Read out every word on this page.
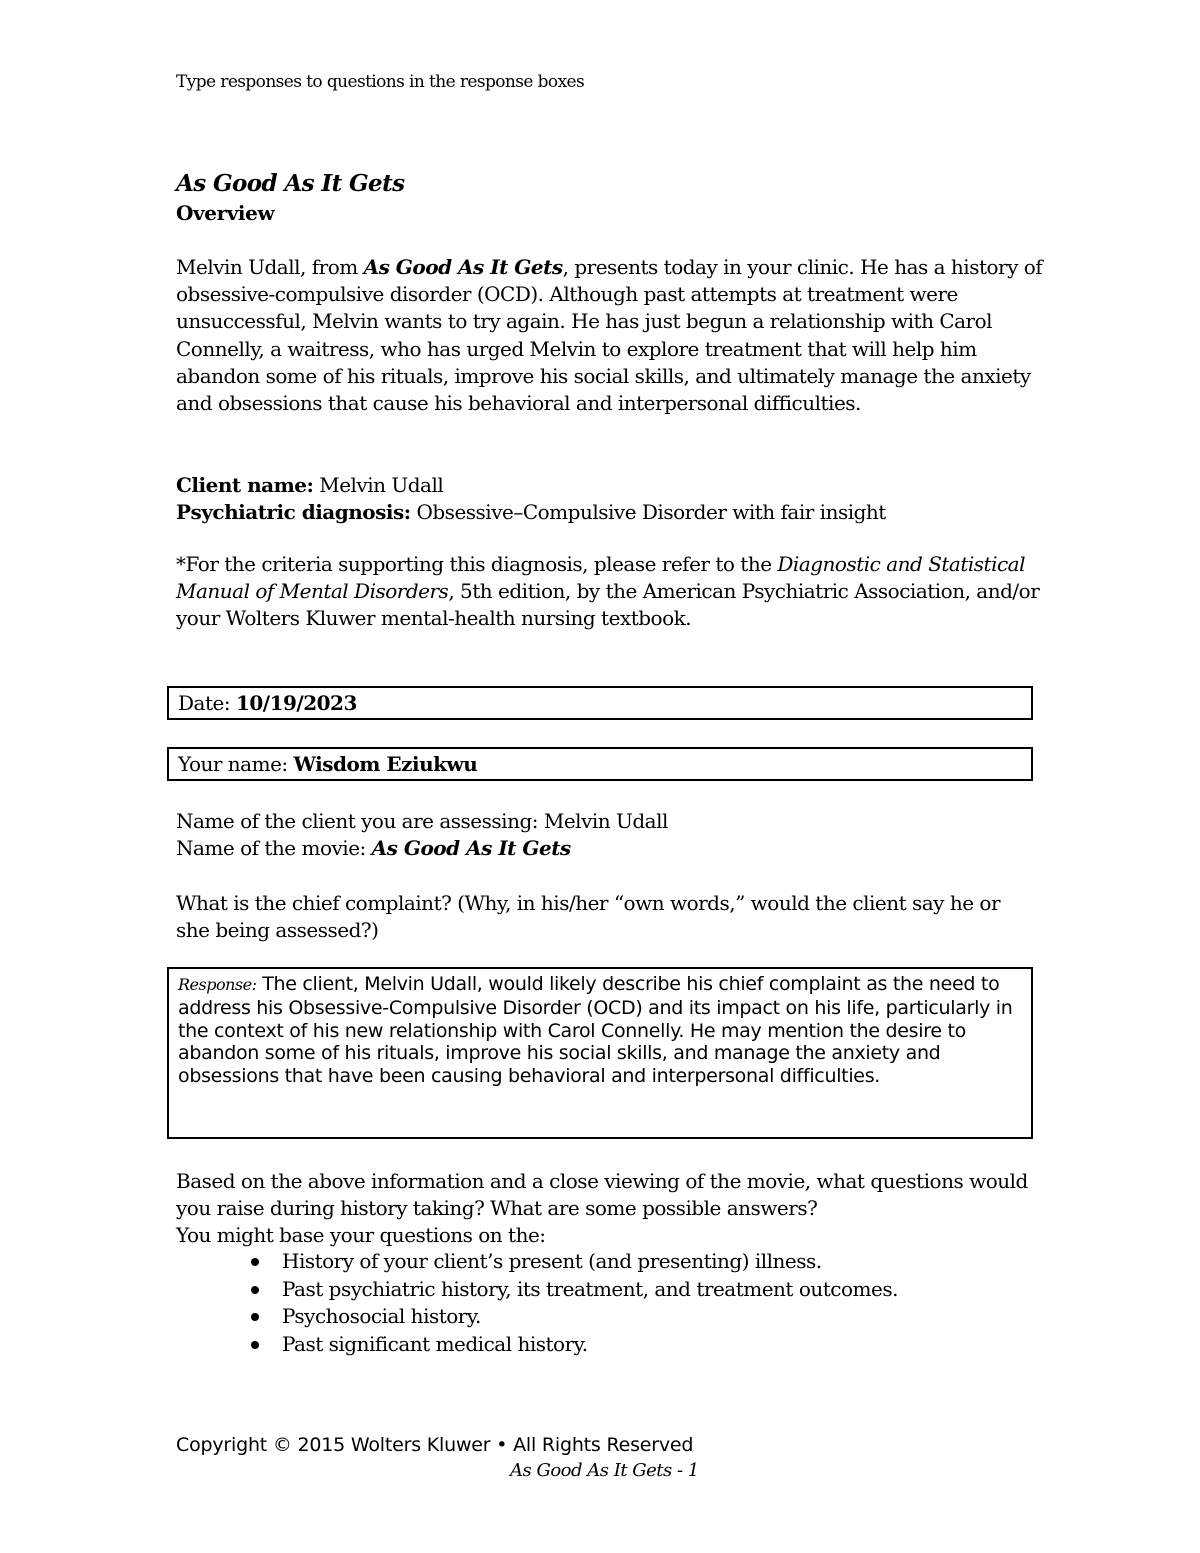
Type responses to questions in the response boxes
As Good As It Gets
Overview
Melvin Udall, from As Good As It Gets, presents today in your clinic. He has a history of obsessive-compulsive disorder (OCD). Although past attempts at treatment were unsuccessful, Melvin wants to try again. He has just begun a relationship with Carol Connelly, a waitress, who has urged Melvin to explore treatment that will help him abandon some of his rituals, improve his social skills, and ultimately manage the anxiety and obsessions that cause his behavioral and interpersonal difficulties.
Client name: Melvin Udall
Psychiatric diagnosis: Obsessive–Compulsive Disorder with fair insight
*For the criteria supporting this diagnosis, please refer to the Diagnostic and Statistical Manual of Mental Disorders, 5th edition, by the American Psychiatric Association, and/or your Wolters Kluwer mental-health nursing textbook.
Date: 10/19/2023
Your name: Wisdom Eziukwu
Name of the client you are assessing: Melvin Udall
Name of the movie: As Good As It Gets
What is the chief complaint? (Why, in his/her “own words,” would the client say he or
she being assessed?)
Response: The client, Melvin Udall, would likely describe his chief complaint as the need to address his Obsessive-Compulsive Disorder (OCD) and its impact on his life, particularly in the context of his new relationship with Carol Connelly. He may mention the desire to abandon some of his rituals, improve his social skills, and manage the anxiety and obsessions that have been causing behavioral and interpersonal difficulties.
Based on the above information and a close viewing of the movie, what questions would
you raise during history taking? What are some possible answers?
You might base your questions on the:
History of your client’s present (and presenting) illness.
Past psychiatric history, its treatment, and treatment outcomes.
Psychosocial history.
Past significant medical history.
Copyright © 2015 Wolters Kluwer • All Rights Reserved
As Good As It Gets - 1
